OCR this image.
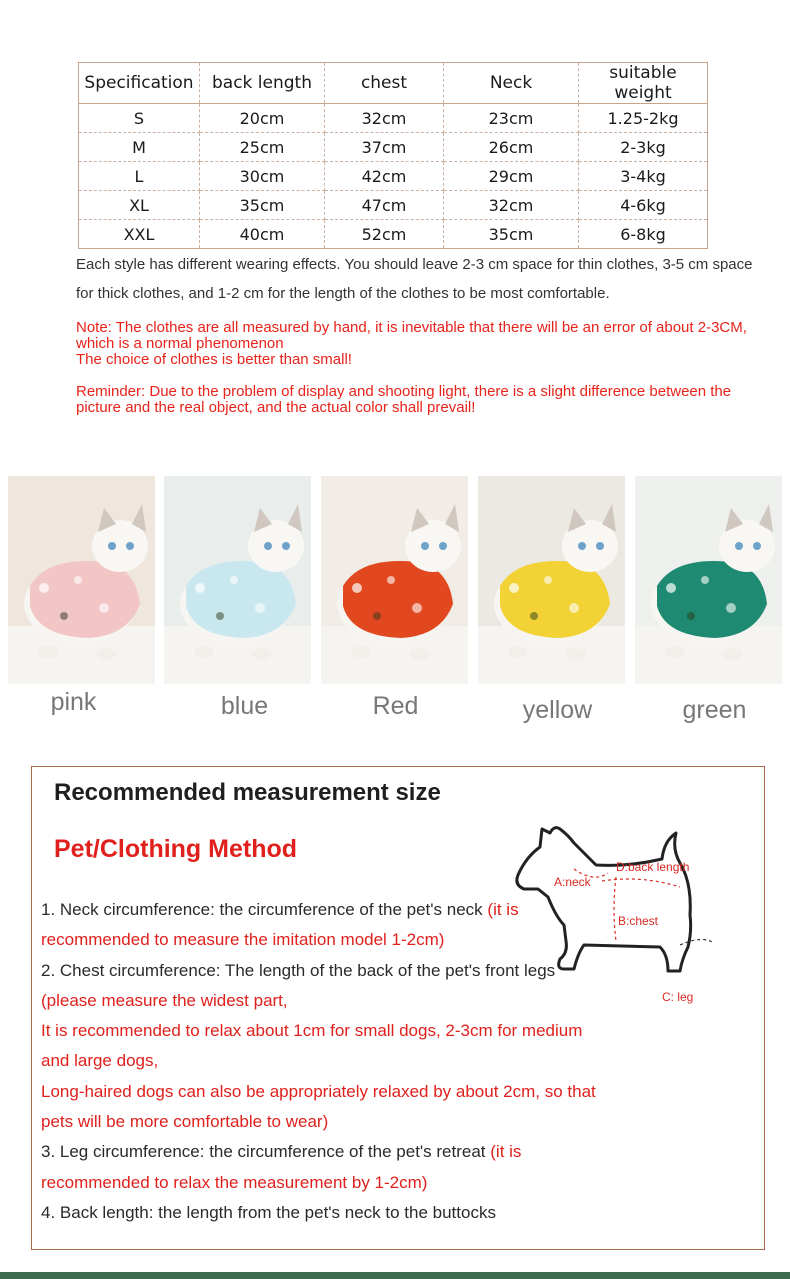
Specification	back length	chest	Neck	suitable weight
S	20cm	32cm	23cm	1.25-2kg
M	25cm	37cm	26cm	2-3kg
L	30cm	42cm	29cm	3-4kg
XL	35cm	47cm	32cm	4-6kg
XXL	40cm	52cm	35cm	6-8kg

Each style has different wearing effects. You should leave 2-3 cm space for thin clothes, 3-5 cm space for thick clothes, and 1-2 cm for the length of the clothes to be most comfortable.

Note: The clothes are all measured by hand, it is inevitable that there will be an error of about 2-3CM, which is a normal phenomenon
The choice of clothes is better than small!

Reminder: Due to the problem of display and shooting light, there is a slight difference between the picture and the real object, and the actual color shall prevail!

pink	blue	Red	yellow	green
Recommended measurement size
Pet/Clothing Method
A:neck
D:back length
B:chest
C: leg
1. Neck circumference: the circumference of the pet's neck (it is recommended to measure the imitation model 1-2cm)
2. Chest circumference: The length of the back of the pet's front legs
(please measure the widest part,
It is recommended to relax about 1cm for small dogs, 2-3cm for medium and large dogs,
Long-haired dogs can also be appropriately relaxed by about 2cm, so that pets will be more comfortable to wear)
3. Leg circumference: the circumference of the pet's retreat (it is recommended to relax the measurement by 1-2cm)
4. Back length: the length from the pet's neck to the buttocks
